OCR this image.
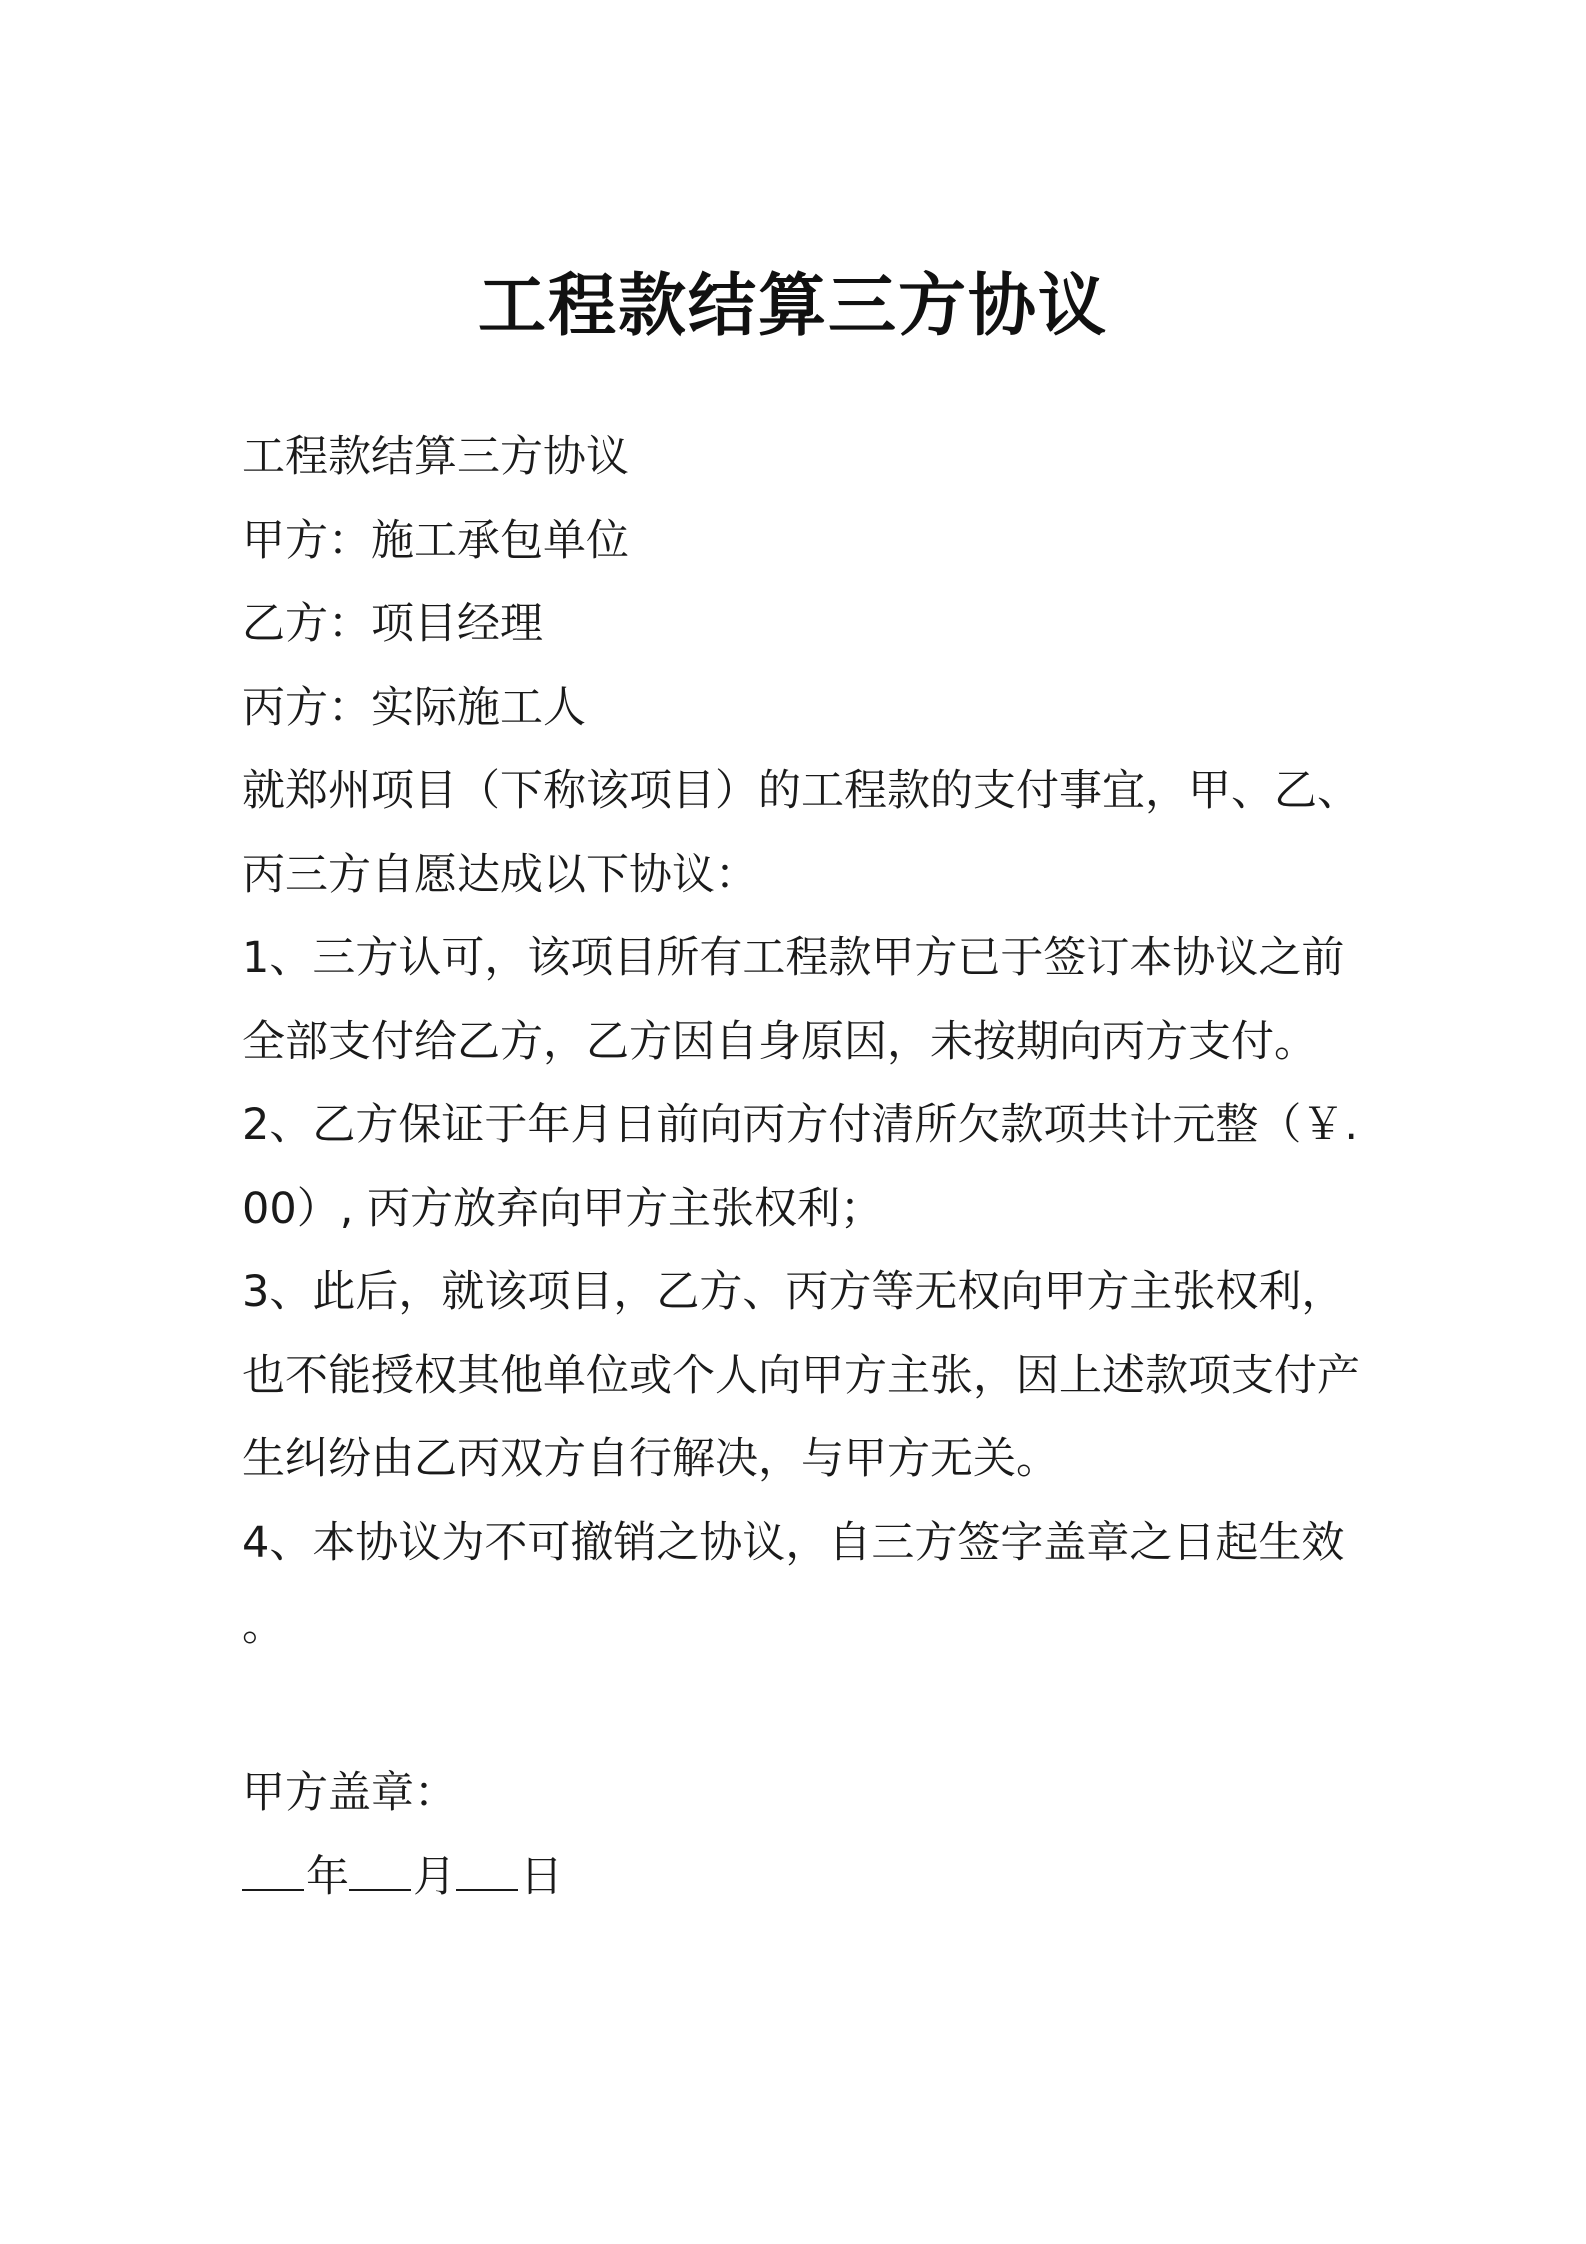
工程款结算三方协议
工程款结算三方协议
甲方：施工承包单位
乙方：项目经理
丙方：实际施工人
就郑州项目（下称该项目）的工程款的支付事宜，甲、乙、
丙三方自愿达成以下协议：
1、三方认可，该项目所有工程款甲方已于签订本协议之前
全部支付给乙方，乙方因自身原因，未按期向丙方支付。
2、乙方保证于年月日前向丙方付清所欠款项共计元整（￥.
00）, 丙方放弃向甲方主张权利；
3、此后，就该项目，乙方、丙方等无权向甲方主张权利，
也不能授权其他单位或个人向甲方主张，因上述款项支付产
生纠纷由乙丙双方自行解决，与甲方无关。
4、本协议为不可撤销之协议，自三方签字盖章之日起生效
。
甲方盖章：
年 月 日
